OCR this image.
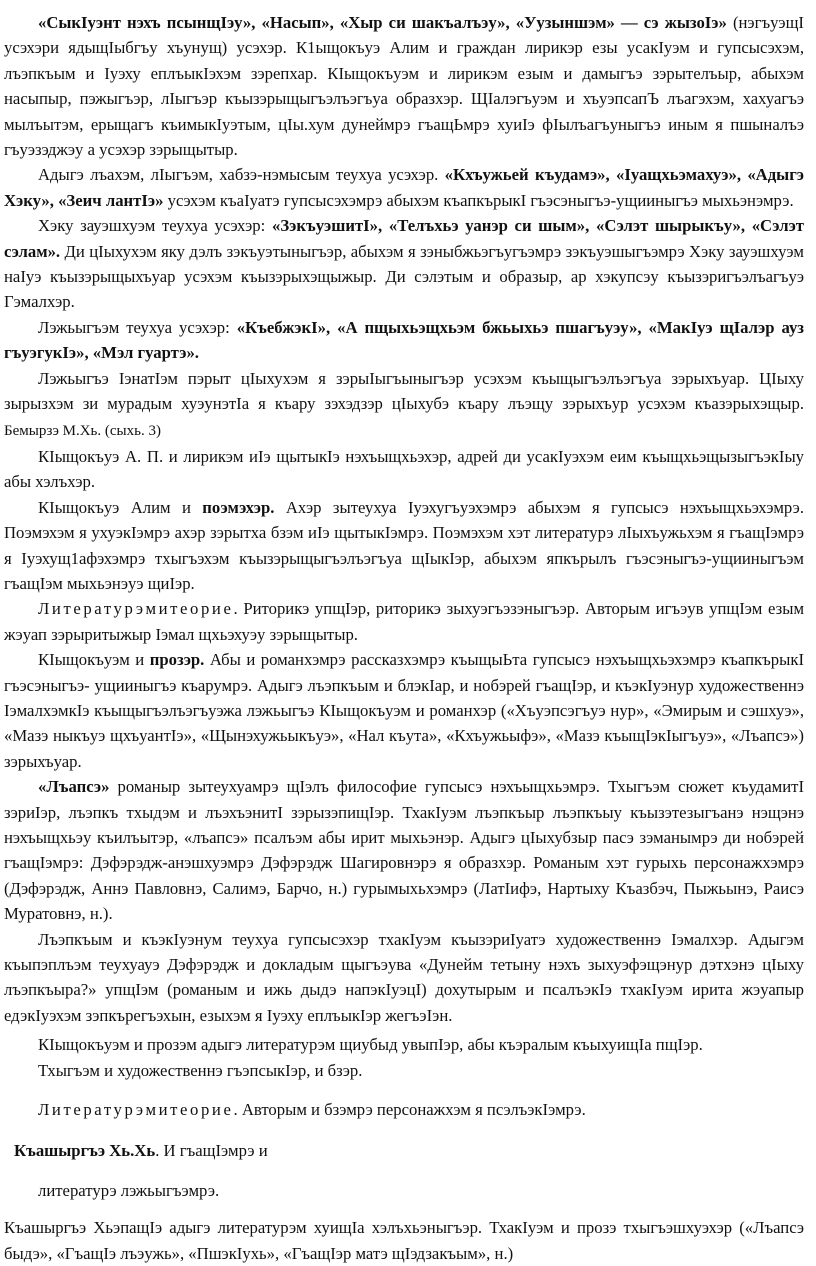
«СыкIуэнт нэхъ псынщIэу», «Насып», «Хыр си шакъалъэу», «Уузыншэм» — сэ жызоIэ» (нэгъуэщI усэхэри ядыщIыбгъу хъунущ) усэхэр. К1ыщокъуэ Алим и граждан лирикэр езы усакIуэм и гупсысэхэм, лъэпкъым и Iуэху еплъыкIэхэм зэрепхар. КIыщокъуэм и лирикэм езым и дамыгъэ зэрытелъыр, абыхэм насыпыр, пэжыгъэр, лIыгъэр къызэрыщыгъэлъэгъуа образхэр. ЩIалэгъуэм и хъуэпсапЪ лъагэхэм, хахуагъэ мылъытэм, ерыщагъ къимыкIуэтым, цIы.хум дунеймрэ гъащЬмрэ хуиIэ фIылъагъуныгъэ иным я пшыналъэ гъуэзэджэу а усэхэр зэрыщытыр.

Адыгэ лъахэм, лIыгъэм, хабзэ-нэмысым теухуа усэхэр. «Кхъужьей къудамэ», «Iуащхьэмахуэ», «Адыгэ Хэку», «Зеич лантIэ» усэхэм къаIуатэ гупсысэхэмрэ абыхэм къапкърыкI гъэсэныгъэ-ущииныгъэ мыхьэнэмрэ.

Хэку зауэшхуэм теухуа усэхэр: «ЗэкъуэшитI», «Телъхьэ уанэр си шым», «Сэлэт шырыкъу», «Сэлэт сэлам». Ди цIыхухэм яку дэлъ зэкъуэтыныгъэр, абыхэм я зэныбжьэгъугъэмрэ зэкъуэшыгъэмрэ Хэку зауэшхуэм наIуэ къызэрыщыхъуар усэхэм къызэрыхэщыжыр. Ди сэлэтым и образыр, ар хэкупсэу къызэригъэлъагъуэ Гэмалхэр.

Лэжьыгъэм теухуа усэхэр: «КъебжэкI», «А пщыхьэщхьэм бжьыхьэ пшагъуэу», «МакIуэ щIалэр ауз гъуэгукIэ», «Мэл гуартэ».

Лэжьыгъэ IэнатIэм пэрыт цIыхухэм я зэрыIыгъыныгъэр усэхэм къыщыгъэлъэгъуа зэрыхъуар. ЦIыху зырызхэм зи мурадым хуэунэтIа я къару зэхэдзэр цIыхубэ къару лъэщу зэрыхъур усэхэм къазэрыхэщыр. Бемырзэ М.Хь. (сыхь. 3)

КIыщокъуэ А. П. и лирикэм иIэ щытыкIэ нэхъыщхьэхэр, адрей ди усакIуэхэм еим къыщхьэщызыгъэкIыу абы хэлъхэр.

КIыщокъуэ Алим и поэмэхэр. Ахэр зытеухуа Iуэхугъуэхэмрэ абыхэм я гупсысэ нэхъыщхьэхэмрэ. Поэмэхэм я ухуэкIэмрэ ахэр зэрытха бзэм иIэ щытыкIэмрэ. Поэмэхэм хэт литературэ лIыхъужьхэм я гъащIэмрэ я Iуэхущ1афэхэмрэ тхыгъэхэм къызэрыщыгъэлъэгъуа щIыкIэр, абыхэм япкърылъ гъэсэныгъэ-ущииныгъэм гъащIэм мыхьэнэуэ щиIэр.

Литературэмитеорие. Риторикэ упщIэр, риторикэ зыхуэгъэзэныгъэр. Авторым игъэув упщIэм езым жэуап зэрыритыжыр Iэмал щхьэхуэу зэрыщытыр.

КIыщокъуэм и прозэр. Абы и романхэмрэ рассказхэмрэ къыщыЬта гупсысэ нэхъыщхьэхэмрэ къапкърыкI гъэсэныгъэ- ущииныгъэ къарумрэ. Адыгэ лъэпкъым и блэкIар, и нобэрей гъащIэр, и къэкIуэнур художественнэ IэмалхэмкIэ къыщыгъэлъэгъуэжа лэжьыгъэ КIыщокъуэм и романхэр («Хъуэпсэгъуэ нур», «Эмирым и сэшхуэ», «Мазэ ныкъуэ щхъуантIэ», «Щынэхужьыкъуэ», «Нал къута», «Кхъужьыфэ», «Мазэ къыщIэкIыгъуэ», «Лъапсэ») зэрыхъуар.

«Лъапсэ» романыр зытеухуамрэ щIэлъ философие гупсысэ нэхъыщхьэмрэ. Тхыгъэм сюжет къудамитI зэриIэр, лъэпкъ тхыдэм и лъэхъэнитI зэрызэпищIэр. ТхакIуэм лъэпкъыр лъэпкъыу къызэтезыгъанэ нэщэнэ нэхъыщхьэу къилъытэр, «лъапсэ» псалъэм абы ирит мыхьэнэр. Адыгэ цIыхубзыр пасэ зэманымрэ ди нобэрей гъащIэмрэ: Дэфэрэдж-анэшхуэмрэ Дэфэрэдж Шагировнэрэ я образхэр. Романым хэт гурыхь персонажхэмрэ (Дэфэрэдж, Аннэ Павловнэ, Салимэ, Барчо, н.) гурымыхьхэмрэ (ЛатIифэ, Нартыху Къазбэч, Пыжьынэ, Раисэ Муратовнэ, н.).

Лъэпкъым и къэкIуэнум теухуа гупсысэхэр тхакIуэм къызэриIуатэ художественнэ Iэмалхэр. Адыгэм къыпэплъэм теухуауэ Дэфэрэдж и докладым щыгъэува «Дунейм тетыну нэхъ зыхуэфэщэнур дэтхэнэ цIыху лъэпкъыра?» упщIэм (романым и ижь дыдэ напэкIуэцI) дохутырым и псалъэкIэ тхакIуэм ирита жэуапыр едэкIуэхэм зэпкърегъэхын, езыхэм я Iуэху еплъыкIэр жегъэIэн.

КIыщокъуэм и прозэм адыгэ литературэм щиубыд увыпIэр, абы къэралым къыхуищIа пщIэр.

Тхыгъэм и художественнэ гъэпсыкIэр, и бзэр.

Литературэмитеорие. Авторым и бзэмрэ персонажхэм я псэлъэкIэмрэ.

Къашыргъэ Хь.Хь. И гъащIэмрэ и

литературэ лэжьыгъэмрэ.

Къашыргъэ ХьэпащIэ адыгэ литературэм хуищIа хэлъхьэныгъэр. ТхакIуэм и прозэ тхыгъэшхуэхэр («Лъапсэ быдэ», «ГъащIэ лъэужь», «ПшэкIухь», «ГъащIэр матэ щIэдзакъым», н.)
